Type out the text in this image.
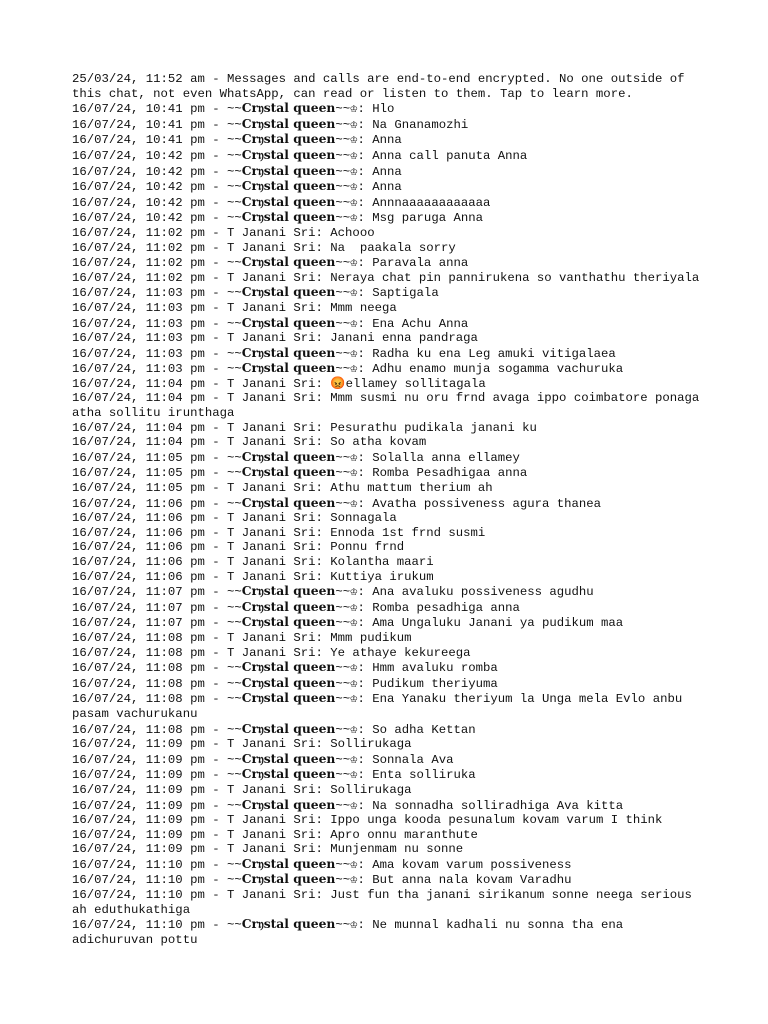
25/03/24, 11:52 am - Messages and calls are end-to-end encrypted. No one outside of this chat, not even WhatsApp, can read or listen to them. Tap to learn more.
16/07/24, 10:41 pm - ~~𝐂𝐫𝔶𝐬𝐭𝐚𝐥 𝐪𝐮𝐞𝐞𝐧~~♔: Hlo
16/07/24, 10:41 pm - ~~𝐂𝐫𝔶𝐬𝐭𝐚𝐥 𝐪𝐮𝐞𝐞𝐧~~♔: Na Gnanamozhi
16/07/24, 10:41 pm - ~~𝐂𝐫𝔶𝐬𝐭𝐚𝐥 𝐪𝐮𝐞𝐞𝐧~~♔: Anna
16/07/24, 10:42 pm - ~~𝐂𝐫𝔶𝐬𝐭𝐚𝐥 𝐪𝐮𝐞𝐞𝐧~~♔: Anna call panuta Anna
16/07/24, 10:42 pm - ~~𝐂𝐫𝔶𝐬𝐭𝐚𝐥 𝐪𝐮𝐞𝐞𝐧~~♔: Anna
16/07/24, 10:42 pm - ~~𝐂𝐫𝔶𝐬𝐭𝐚𝐥 𝐪𝐮𝐞𝐞𝐧~~♔: Anna
16/07/24, 10:42 pm - ~~𝐂𝐫𝔶𝐬𝐭𝐚𝐥 𝐪𝐮𝐞𝐞𝐧~~♔: Annnaaaaaaaaaaaa
16/07/24, 10:42 pm - ~~𝐂𝐫𝔶𝐬𝐭𝐚𝐥 𝐪𝐮𝐞𝐞𝐧~~♔: Msg paruga Anna
16/07/24, 11:02 pm - T Janani Sri: Achooo
16/07/24, 11:02 pm - T Janani Sri: Na  paakala sorry
16/07/24, 11:02 pm - ~~𝐂𝐫𝔶𝐬𝐭𝐚𝐥 𝐪𝐮𝐞𝐞𝐧~~♔: Paravala anna
16/07/24, 11:02 pm - T Janani Sri: Neraya chat pin pannirukena so vanthathu theriyala
16/07/24, 11:03 pm - ~~𝐂𝐫𝔶𝐬𝐭𝐚𝐥 𝐪𝐮𝐞𝐞𝐧~~♔: Saptigala
16/07/24, 11:03 pm - T Janani Sri: Mmm neega
16/07/24, 11:03 pm - ~~𝐂𝐫𝔶𝐬𝐭𝐚𝐥 𝐪𝐮𝐞𝐞𝐧~~♔: Ena Achu Anna
16/07/24, 11:03 pm - T Janani Sri: Janani enna pandraga
16/07/24, 11:03 pm - ~~𝐂𝐫𝔶𝐬𝐭𝐚𝐥 𝐪𝐮𝐞𝐞𝐧~~♔: Radha ku ena Leg amuki vitigalaea
16/07/24, 11:03 pm - ~~𝐂𝐫𝔶𝐬𝐭𝐚𝐥 𝐪𝐮𝐞𝐞𝐧~~♔: Adhu enamo munja sogamma vachuruka
16/07/24, 11:04 pm - T Janani Sri: 😡ellamey sollitagala
16/07/24, 11:04 pm - T Janani Sri: Mmm susmi nu oru frnd avaga ippo coimbatore ponaga atha sollitu irunthaga
16/07/24, 11:04 pm - T Janani Sri: Pesurathu pudikala janani ku
16/07/24, 11:04 pm - T Janani Sri: So atha kovam
16/07/24, 11:05 pm - ~~𝐂𝐫𝔶𝐬𝐭𝐚𝐥 𝐪𝐮𝐞𝐞𝐧~~♔: Solalla anna ellamey
16/07/24, 11:05 pm - ~~𝐂𝐫𝔶𝐬𝐭𝐚𝐥 𝐪𝐮𝐞𝐞𝐧~~♔: Romba Pesadhigaa anna
16/07/24, 11:05 pm - T Janani Sri: Athu mattum therium ah
16/07/24, 11:06 pm - ~~𝐂𝐫𝔶𝐬𝐭𝐚𝐥 𝐪𝐮𝐞𝐞𝐧~~♔: Avatha possiveness agura thanea
16/07/24, 11:06 pm - T Janani Sri: Sonnagala
16/07/24, 11:06 pm - T Janani Sri: Ennoda 1st frnd susmi
16/07/24, 11:06 pm - T Janani Sri: Ponnu frnd
16/07/24, 11:06 pm - T Janani Sri: Kolantha maari
16/07/24, 11:06 pm - T Janani Sri: Kuttiya irukum
16/07/24, 11:07 pm - ~~𝐂𝐫𝔶𝐬𝐭𝐚𝐥 𝐪𝐮𝐞𝐞𝐧~~♔: Ana avaluku possiveness agudhu
16/07/24, 11:07 pm - ~~𝐂𝐫𝔶𝐬𝐭𝐚𝐥 𝐪𝐮𝐞𝐞𝐧~~♔: Romba pesadhiga anna
16/07/24, 11:07 pm - ~~𝐂𝐫𝔶𝐬𝐭𝐚𝐥 𝐪𝐮𝐞𝐞𝐧~~♔: Ama Ungaluku Janani ya pudikum maa
16/07/24, 11:08 pm - T Janani Sri: Mmm pudikum
16/07/24, 11:08 pm - T Janani Sri: Ye athaye kekureega
16/07/24, 11:08 pm - ~~𝐂𝐫𝔶𝐬𝐭𝐚𝐥 𝐪𝐮𝐞𝐞𝐧~~♔: Hmm avaluku romba
16/07/24, 11:08 pm - ~~𝐂𝐫𝔶𝐬𝐭𝐚𝐥 𝐪𝐮𝐞𝐞𝐧~~♔: Pudikum theriyuma
16/07/24, 11:08 pm - ~~𝐂𝐫𝔶𝐬𝐭𝐚𝐥 𝐪𝐮𝐞𝐞𝐧~~♔: Ena Yanaku theriyum la Unga mela Evlo anbu pasam vachurukanu
16/07/24, 11:08 pm - ~~𝐂𝐫𝔶𝐬𝐭𝐚𝐥 𝐪𝐮𝐞𝐞𝐧~~♔: So adha Kettan
16/07/24, 11:09 pm - T Janani Sri: Sollirukaga
16/07/24, 11:09 pm - ~~𝐂𝐫𝔶𝐬𝐭𝐚𝐥 𝐪𝐮𝐞𝐞𝐧~~♔: Sonnala Ava
16/07/24, 11:09 pm - ~~𝐂𝐫𝔶𝐬𝐭𝐚𝐥 𝐪𝐮𝐞𝐞𝐧~~♔: Enta solliruka
16/07/24, 11:09 pm - T Janani Sri: Sollirukaga
16/07/24, 11:09 pm - ~~𝐂𝐫𝔶𝐬𝐭𝐚𝐥 𝐪𝐮𝐞𝐞𝐧~~♔: Na sonnadha solliradhiga Ava kitta
16/07/24, 11:09 pm - T Janani Sri: Ippo unga kooda pesunalum kovam varum I think
16/07/24, 11:09 pm - T Janani Sri: Apro onnu maranthute
16/07/24, 11:09 pm - T Janani Sri: Munjenmam nu sonne
16/07/24, 11:10 pm - ~~𝐂𝐫𝔶𝐬𝐭𝐚𝐥 𝐪𝐮𝐞𝐞𝐧~~♔: Ama kovam varum possiveness
16/07/24, 11:10 pm - ~~𝐂𝐫𝔶𝐬𝐭𝐚𝐥 𝐪𝐮𝐞𝐞𝐧~~♔: But anna nala kovam Varadhu
16/07/24, 11:10 pm - T Janani Sri: Just fun tha janani sirikanum sonne neega serious ah eduthukathiga
16/07/24, 11:10 pm - ~~𝐂𝐫𝔶𝐬𝐭𝐚𝐥 𝐪𝐮𝐞𝐞𝐧~~♔: Ne munnal kadhali nu sonna tha ena adichuruvan pottu
